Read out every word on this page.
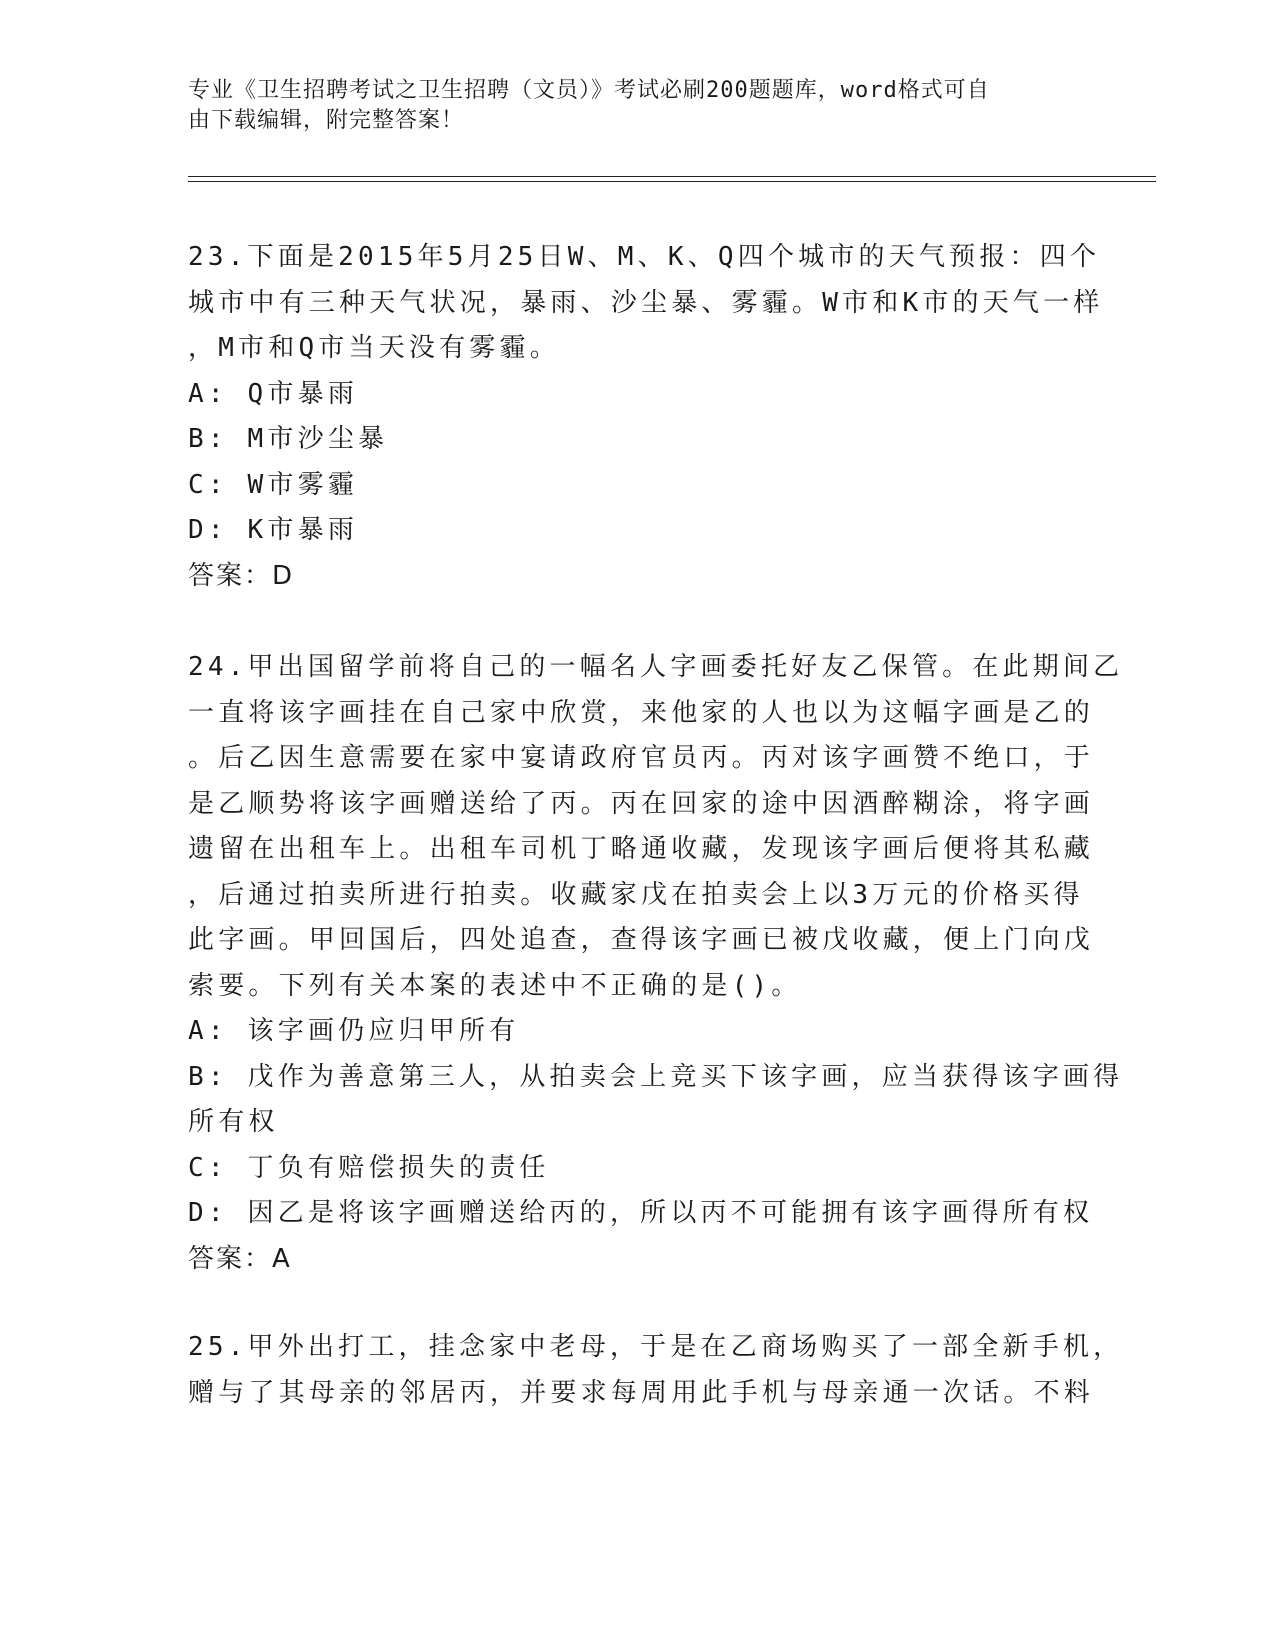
专业《卫生招聘考试之卫生招聘（文员）》考试必刷200题题库，word格式可自
由下载编辑，附完整答案！
23.下面是2015年5月25日W、M、K、Q四个城市的天气预报：四个
城市中有三种天气状况，暴雨、沙尘暴、雾霾。W市和K市的天气一样
，M市和Q市当天没有雾霾。
A: Q市暴雨
B: M市沙尘暴
C: W市雾霾
D: K市暴雨
答案：D
24.甲出国留学前将自己的一幅名人字画委托好友乙保管。在此期间乙
一直将该字画挂在自己家中欣赏，来他家的人也以为这幅字画是乙的
。后乙因生意需要在家中宴请政府官员丙。丙对该字画赞不绝口，于
是乙顺势将该字画赠送给了丙。丙在回家的途中因酒醉糊涂，将字画
遗留在出租车上。出租车司机丁略通收藏，发现该字画后便将其私藏
，后通过拍卖所进行拍卖。收藏家戊在拍卖会上以3万元的价格买得
此字画。甲回国后，四处追查，查得该字画已被戊收藏，便上门向戊
索要。下列有关本案的表述中不正确的是()。
A: 该字画仍应归甲所有
B: 戊作为善意第三人，从拍卖会上竞买下该字画，应当获得该字画得
所有权
C: 丁负有赔偿损失的责任
D: 因乙是将该字画赠送给丙的，所以丙不可能拥有该字画得所有权
答案：A
25.甲外出打工，挂念家中老母，于是在乙商场购买了一部全新手机，
赠与了其母亲的邻居丙，并要求每周用此手机与母亲通一次话。不料
